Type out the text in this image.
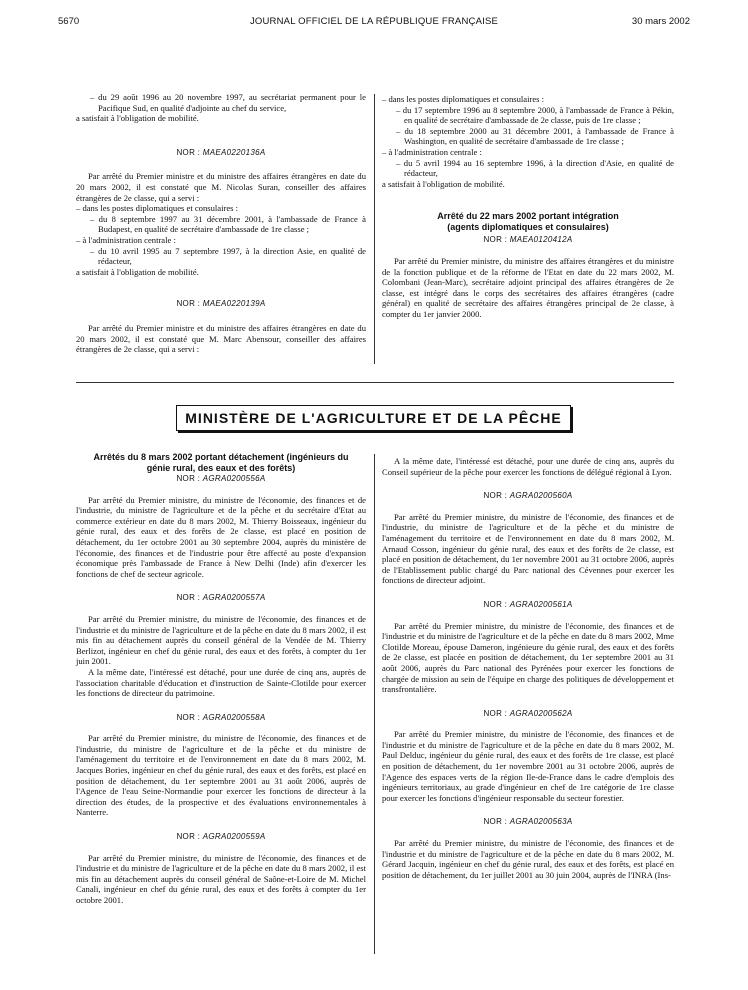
5670	JOURNAL OFFICIEL DE LA RÉPUBLIQUE FRANÇAISE	30 mars 2002

– du 29 août 1996 au 20 novembre 1997, au secrétariat permanent pour le Pacifique Sud, en qualité d'adjointe au chef du service,

a satisfait à l'obligation de mobilité.

NOR : MAEA0220136A

Par arrêté du Premier ministre et du ministre des affaires étrangères en date du 20 mars 2002, il est constaté que M. Nicolas Suran, conseiller des affaires étrangères de 2e classe, qui a servi :

– dans les postes diplomatiques et consulaires :

– du 8 septembre 1997 au 31 décembre 2001, à l'ambassade de France à Budapest, en qualité de secrétaire d'ambassade de 1re classe ;

– à l'administration centrale :

– du 10 avril 1995 au 7 septembre 1997, à la direction Asie, en qualité de rédacteur,

a satisfait à l'obligation de mobilité.

NOR : MAEA0220139A

Par arrêté du Premier ministre et du ministre des affaires étrangères en date du 20 mars 2002, il est constaté que M. Marc Abensour, conseiller des affaires étrangères de 2e classe, qui a servi :

– dans les postes diplomatiques et consulaires :

– du 17 septembre 1996 au 8 septembre 2000, à l'ambassade de France à Pékin, en qualité de secrétaire d'ambassade de 2e classe, puis de 1re classe ;

– du 18 septembre 2000 au 31 décembre 2001, à l'ambassade de France à Washington, en qualité de secrétaire d'ambassade de 1re classe ;

– à l'administration centrale :

– du 5 avril 1994 au 16 septembre 1996, à la direction d'Asie, en qualité de rédacteur,

a satisfait à l'obligation de mobilité.

Arrêté du 22 mars 2002 portant intégration (agents diplomatiques et consulaires)

NOR : MAEA0120412A

Par arrêté du Premier ministre, du ministre des affaires étrangères et du ministre de la fonction publique et de la réforme de l'Etat en date du 22 mars 2002, M. Colombani (Jean-Marc), secrétaire adjoint principal des affaires étrangères de 2e classe, est intégré dans le corps des secrétaires des affaires étrangères (cadre général) en qualité de secrétaire des affaires étrangères principal de 2e classe, à compter du 1er janvier 2000.

MINISTÈRE DE L'AGRICULTURE ET DE LA PÊCHE

Arrêtés du 8 mars 2002 portant détachement (ingénieurs du génie rural, des eaux et des forêts)

NOR : AGRA0200556A

Par arrêté du Premier ministre, du ministre de l'économie, des finances et de l'industrie, du ministre de l'agriculture et de la pêche et du secrétaire d'Etat au commerce extérieur en date du 8 mars 2002, M. Thierry Boisseaux, ingénieur du génie rural, des eaux et des forêts de 2e classe, est placé en position de détachement, du 1er octobre 2001 au 30 septembre 2004, auprès du ministère de l'économie, des finances et de l'industrie pour être affecté au poste d'expansion économique près l'ambassade de France à New Delhi (Inde) afin d'exercer les fonctions de chef de secteur agricole.

NOR : AGRA0200557A

Par arrêté du Premier ministre, du ministre de l'économie, des finances et de l'industrie et du ministre de l'agriculture et de la pêche en date du 8 mars 2002, il est mis fin au détachement auprès du conseil général de la Vendée de M. Thierry Berlizot, ingénieur en chef du génie rural, des eaux et des forêts, à compter du 1er juin 2001.

A la même date, l'intéressé est détaché, pour une durée de cinq ans, auprès de l'association charitable d'éducation et d'instruction de Sainte-Clotilde pour exercer les fonctions de directeur du patrimoine.

NOR : AGRA0200558A

Par arrêté du Premier ministre, du ministre de l'économie, des finances et de l'industrie, du ministre de l'agriculture et de la pêche et du ministre de l'aménagement du territoire et de l'environnement en date du 8 mars 2002, M. Jacques Bories, ingénieur en chef du génie rural, des eaux et des forêts, est placé en position de détachement, du 1er septembre 2001 au 31 août 2006, auprès de l'Agence de l'eau Seine-Normandie pour exercer les fonctions de directeur à la direction des études, de la prospective et des évaluations environnementales à Nanterre.

NOR : AGRA0200559A

Par arrêté du Premier ministre, du ministre de l'économie, des finances et de l'industrie et du ministre de l'agriculture et de la pêche en date du 8 mars 2002, il est mis fin au détachement auprès du conseil général de Saône-et-Loire de M. Michel Canali, ingénieur en chef du génie rural, des eaux et des forêts à compter du 1er octobre 2001.

A la même date, l'intéressé est détaché, pour une durée de cinq ans, auprès du Conseil supérieur de la pêche pour exercer les fonctions de délégué régional à Lyon.

NOR : AGRA0200560A

Par arrêté du Premier ministre, du ministre de l'économie, des finances et de l'industrie, du ministre de l'agriculture et de la pêche et du ministre de l'aménagement du territoire et de l'environnement en date du 8 mars 2002, M. Arnaud Cosson, ingénieur du génie rural, des eaux et des forêts de 2e classe, est placé en position de détachement, du 1er novembre 2001 au 31 octobre 2006, auprès de l'Etablissement public chargé du Parc national des Cévennes pour exercer les fonctions de directeur adjoint.

NOR : AGRA0200561A

Par arrêté du Premier ministre, du ministre de l'économie, des finances et de l'industrie et du ministre de l'agriculture et de la pêche en date du 8 mars 2002, Mme Clotilde Moreau, épouse Dameron, ingénieure du génie rural, des eaux et des forêts de 2e classe, est placée en position de détachement, du 1er septembre 2001 au 31 août 2006, auprès du Parc national des Pyrénées pour exercer les fonctions de chargée de mission au sein de l'équipe en charge des politiques de développement et transfrontalière.

NOR : AGRA0200562A

Par arrêté du Premier ministre, du ministre de l'économie, des finances et de l'industrie et du ministre de l'agriculture et de la pêche en date du 8 mars 2002, M. Paul Delduc, ingénieur du génie rural, des eaux et des forêts de 1re classe, est placé en position de détachement, du 1er novembre 2001 au 31 octobre 2006, auprès de l'Agence des espaces verts de la région Ile-de-France dans le cadre d'emplois des ingénieurs territoriaux, au grade d'ingénieur en chef de 1re catégorie de 1re classe pour exercer les fonctions d'ingénieur responsable du secteur forestier.

NOR : AGRA0200563A

Par arrêté du Premier ministre, du ministre de l'économie, des finances et de l'industrie et du ministre de l'agriculture et de la pêche en date du 8 mars 2002, M. Gérard Jacquin, ingénieur en chef du génie rural, des eaux et des forêts, est placé en position de détachement, du 1er juillet 2001 au 30 juin 2004, auprès de l'INRA (Ins-
